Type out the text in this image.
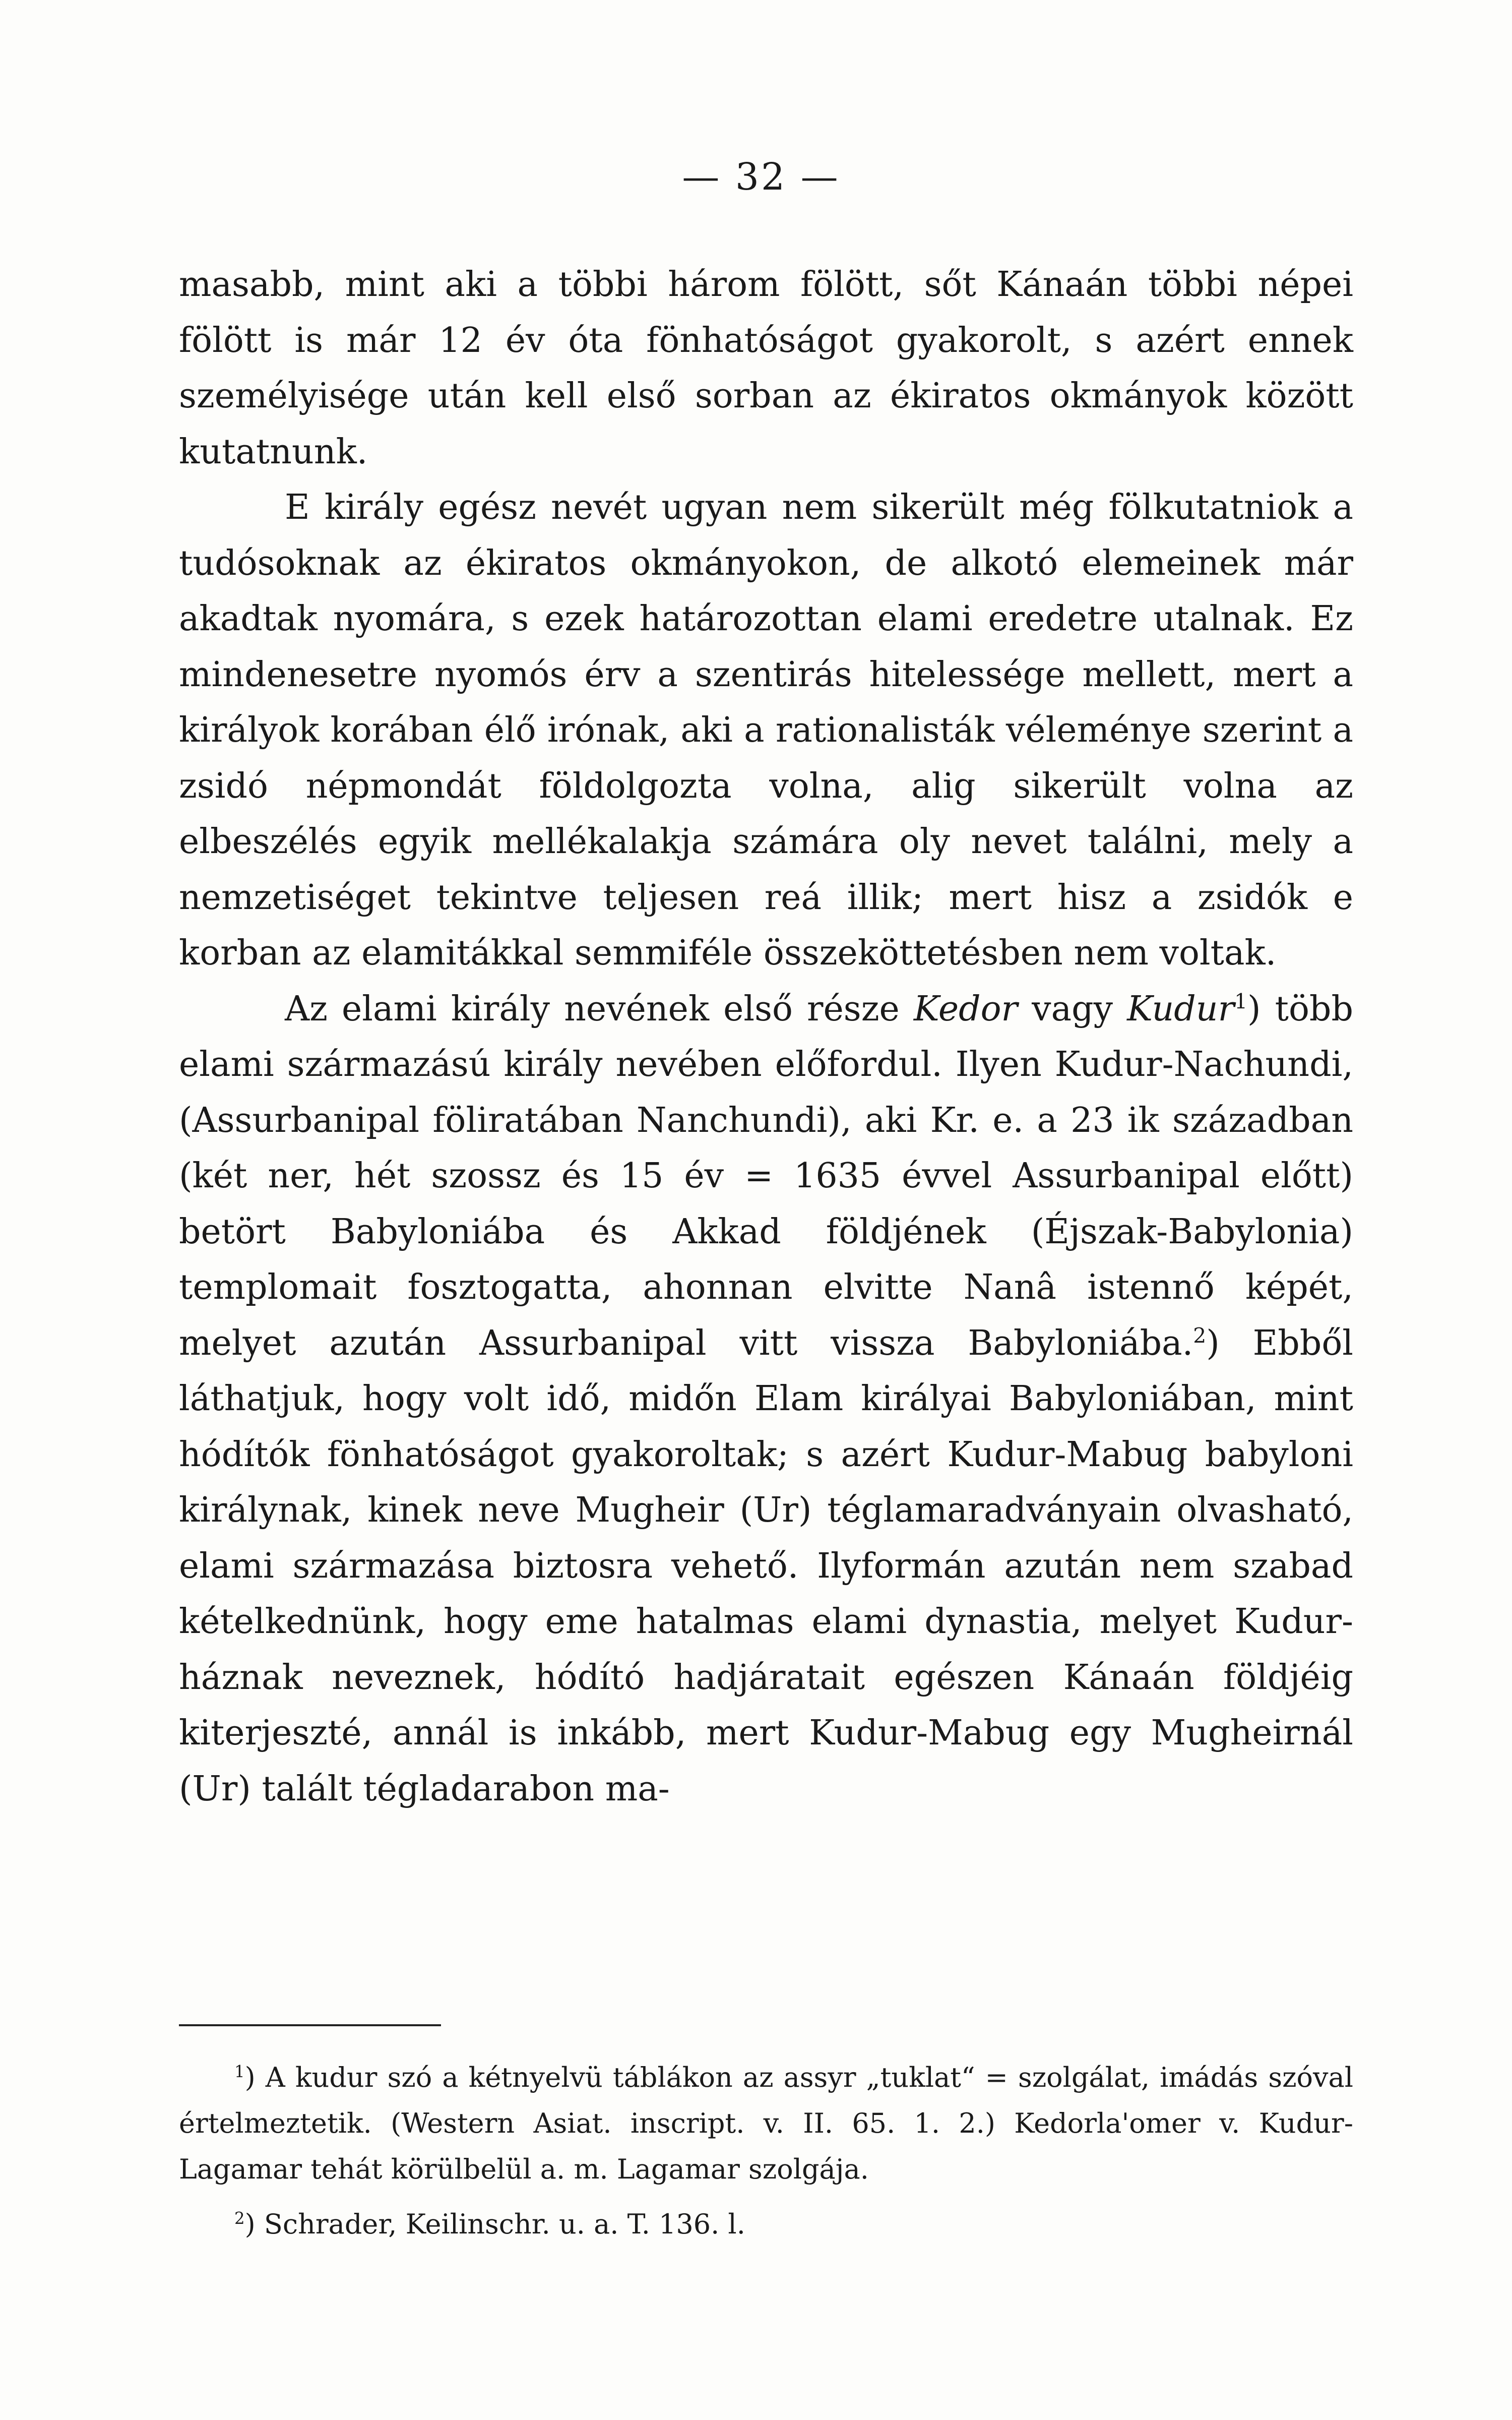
— 32 —

masabb, mint aki a többi három fölött, sőt Kánaán többi népei fölött is már 12 év óta fönhatóságot gyakorolt, s azért ennek személyisége után kell első sorban az ékiratos okmányok között kutatnunk.

E király egész nevét ugyan nem sikerült még fölkutatniok a tudósoknak az ékiratos okmányokon, de alkotó elemeinek már akadtak nyomára, s ezek határozottan elami eredetre utalnak. Ez mindenesetre nyomós érv a szentirás hitelessége mellett, mert a királyok korában élő irónak, aki a rationalisták véleménye szerint a zsidó népmondát földolgozta volna, alig sikerült volna az elbeszélés egyik mellékalakja számára oly nevet találni, mely a nemzetiséget tekintve teljesen reá illik; mert hisz a zsidók e korban az elamitákkal semmiféle összeköttetésben nem voltak.

Az elami király nevének első része Kedor vagy Kudur$^1$) több elami származású király nevében előfordul. Ilyen Kudur-Nachundi, (Assurbanipal föliratában Nanchundi), aki Kr. e. a 23 ik században (két ner, hét szossz és 15 év = 1635 évvel Assurbanipal előtt) betört Babyloniába és Akkad földjének (Éjszak-Babylonia) templomait fosztogatta, ahonnan elvitte Nanâ istennő képét, melyet azután Assurbanipal vitt vissza Babyloniába.$^2$) Ebből láthatjuk, hogy volt idő, midőn Elam királyai Babyloniában, mint hódítók fönhatóságot gyakoroltak; s azért Kudur-Mabug babyloni királynak, kinek neve Mugheir (Ur) téglamaradványain olvasható, elami származása biztosra vehető. Ilyformán azután nem szabad kételkednünk, hogy eme hatalmas elami dynastia, melyet Kudur-háznak neveznek, hódító hadjáratait egészen Kánaán földjéig kiterjeszté, annál is inkább, mert Kudur-Mabug egy Mugheirnál (Ur) talált tégladarabon ma-

$^1$) A kudur szó a kétnyelvü táblákon az assyr „tuklat“ = szolgálat, imádás szóval értelmeztetik. (Western Asiat. inscript. v. II. 65. 1. 2.) Kedorla'omer v. Kudur-Lagamar tehát körülbelül a. m. Lagamar szolgája.

$^2$) Schrader, Keilinschr. u. a. T. 136. l.
